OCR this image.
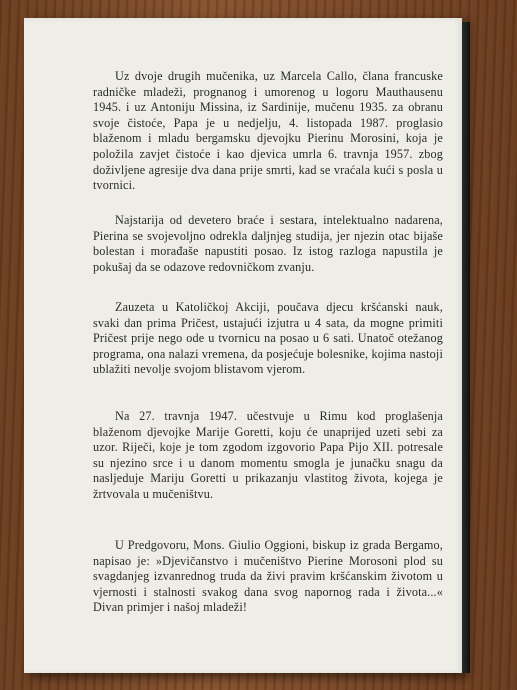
Uz dvoje drugih mučenika, uz Marcela Callo, člana francuske radničke mladeži, prognanog i umorenog u logoru Mauthausenu 1945. i uz Antoniju Missina, iz Sardinije, mučenu 1935. za obranu svoje čistoće, Papa je u nedjelju, 4. listopada 1987. proglasio blaženom i mladu bergamsku djevojku Pierinu Morosini, koja je položila zavjet čistoće i kao djevica umrla 6. travnja 1957. zbog doživljene agresije dva dana prije smrti, kad se vraćala kući s posla u tvornici.

Najstarija od devetero braće i sestara, intelektualno nadarena, Pierina se svojevoljno odrekla daljnjeg studija, jer njezin otac bijaše bolestan i morađaše napustiti posao. Iz istog razloga napustila je pokušaj da se odazove redovničkom zvanju.

Zauzeta u Katoličkoj Akciji, poučava djecu kršćanski nauk, svaki dan prima Pričest, ustajući izjutra u 4 sata, da mogne primiti Pričest prije nego ode u tvornicu na posao u 6 sati. Unatoč otežanog programa, ona nalazi vremena, da posjećuje bolesnike, kojima nastoji ublažiti nevolje svojom blistavom vjerom.

Na 27. travnja 1947. učestvuje u Rimu kod proglašenja blaženom djevojke Marije Goretti, koju će unaprijed uzeti sebi za uzor. Riječi, koje je tom zgodom izgovorio Papa Pijo XII. potresale su njezino srce i u danom momentu smogla je junačku snagu da nasljeduje Mariju Goretti u prikazanju vlastitog života, kojega je žrtvovala u mučeništvu.

U Predgovoru, Mons. Giulio Oggioni, biskup iz grada Bergamo, napisao je: »Djevičanstvo i mučeništvo Pierine Morosoni plod su svagdanjeg izvanrednog truda da živi pravim kršćanskim životom u vjernosti i stalnosti svakog dana svog napornog rada i života...« Divan primjer i našoj mladeži!
